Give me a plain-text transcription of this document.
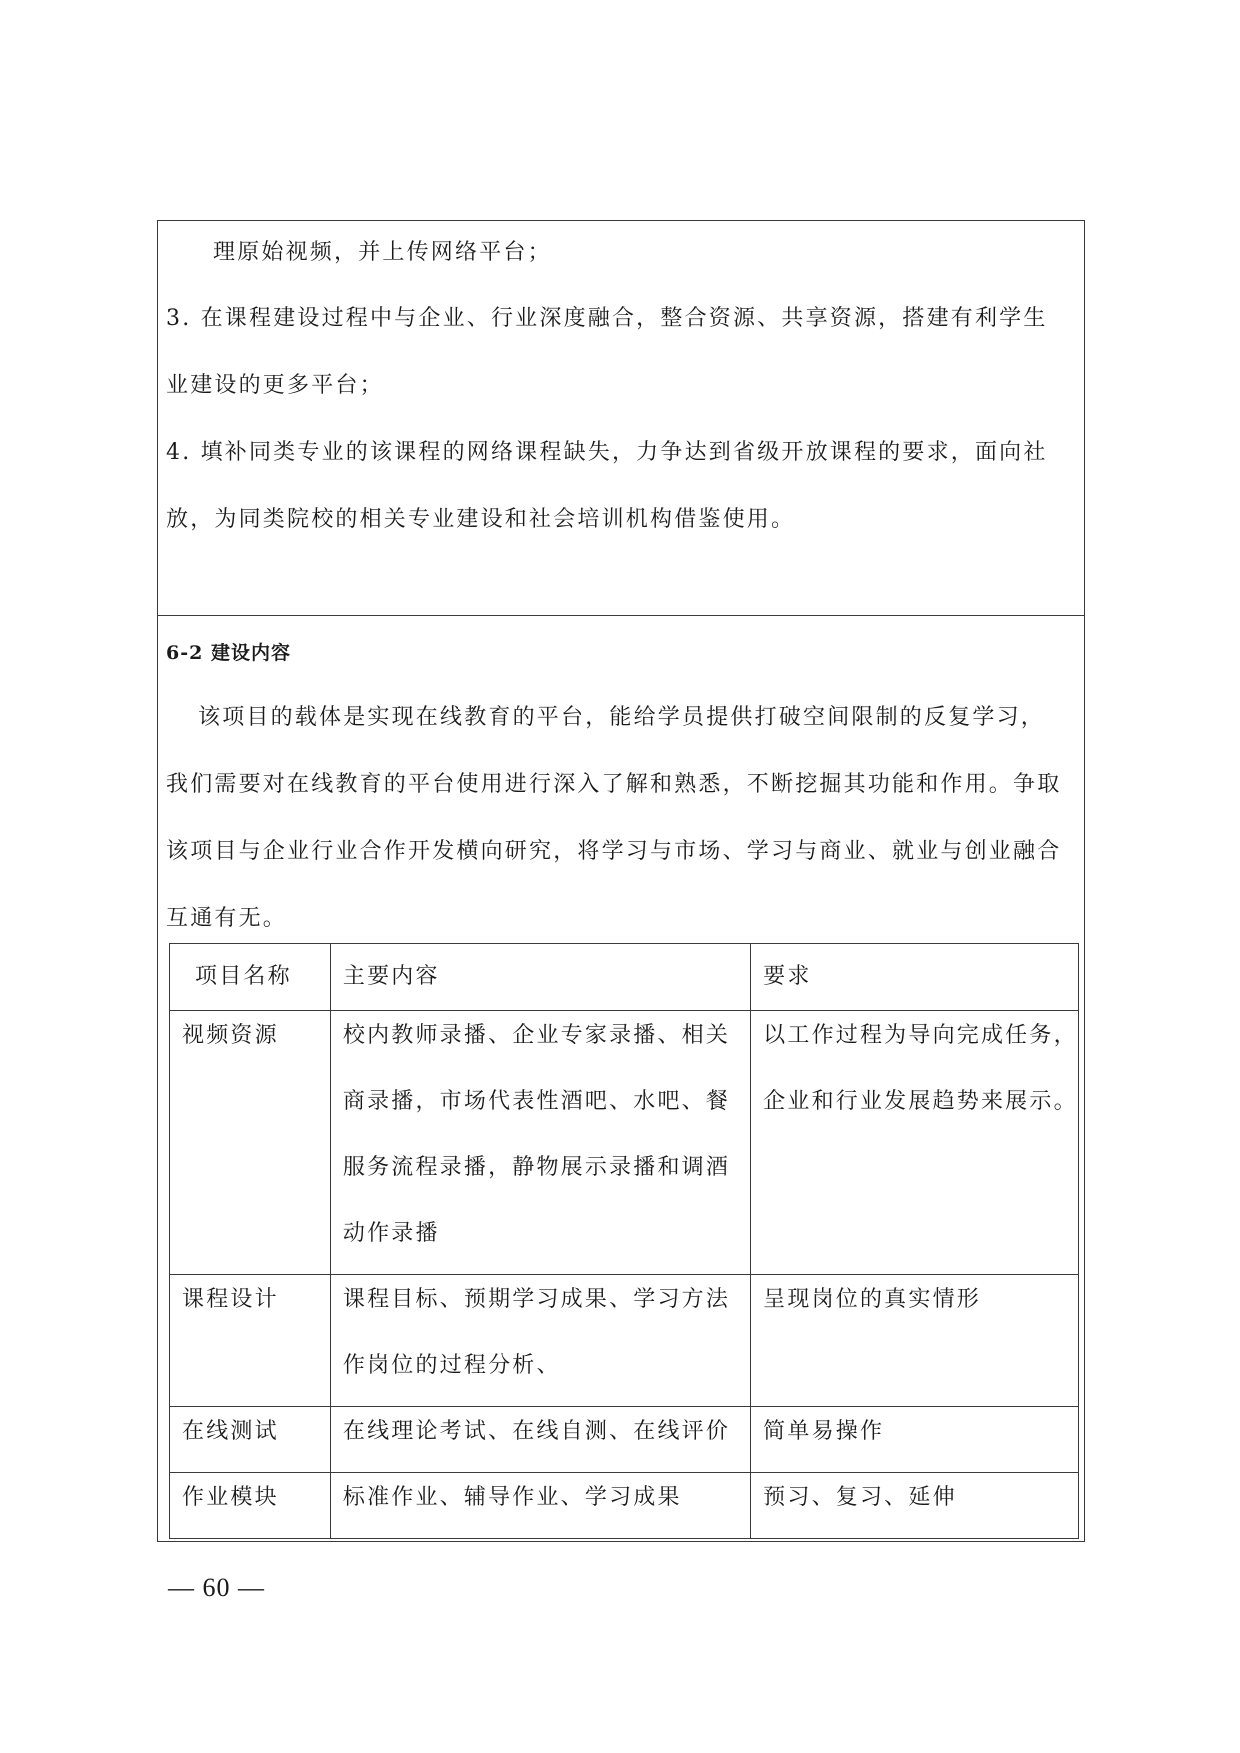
理原始视频，并上传网络平台；
3. 在课程建设过程中与企业、行业深度融合，整合资源、共享资源，搭建有利学生
业建设的更多平台；
4. 填补同类专业的该课程的网络课程缺失，力争达到省级开放课程的要求，面向社
放，为同类院校的相关专业建设和社会培训机构借鉴使用。
6-2 建设内容
该项目的载体是实现在线教育的平台，能给学员提供打破空间限制的反复学习，
我们需要对在线教育的平台使用进行深入了解和熟悉，不断挖掘其功能和作用。争取
该项目与企业行业合作开发横向研究，将学习与市场、学习与商业、就业与创业融合
互通有无。
项目名称	主要内容	要求

视频资源	校内教师录播、企业专家录播、相关
商录播，市场代表性酒吧、水吧、餐
服务流程录播，静物展示录播和调酒
动作录播	以工作过程为导向完成任务，
企业和行业发展趋势来展示。

课程设计	课程目标、预期学习成果、学习方法
作岗位的过程分析、	呈现岗位的真实情形

在线测试	在线理论考试、在线自测、在线评价	简单易操作

作业模块	标准作业、辅导作业、学习成果	预习、复习、延伸
— 60 —
